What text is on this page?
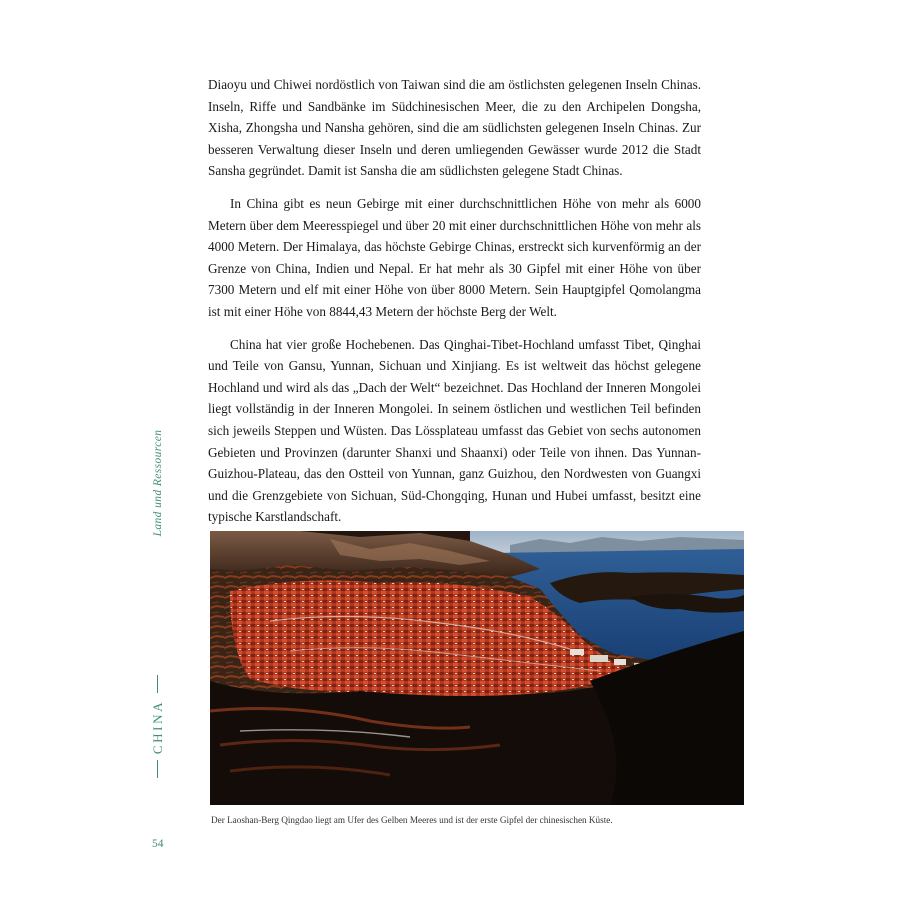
Diaoyu und Chiwei nordöstlich von Taiwan sind die am östlichsten gelegenen Inseln Chinas. Inseln, Riffe und Sandbänke im Südchinesischen Meer, die zu den Archipelen Dongsha, Xisha, Zhongsha und Nansha gehören, sind die am südlichsten gelegenen Inseln Chinas. Zur besseren Verwaltung dieser Inseln und deren umliegenden Gewässer wurde 2012 die Stadt Sansha gegründet. Damit ist Sansha die am südlichsten gelegene Stadt Chinas.

In China gibt es neun Gebirge mit einer durchschnittlichen Höhe von mehr als 6000 Metern über dem Meeresspiegel und über 20 mit einer durchschnittlichen Höhe von mehr als 4000 Metern. Der Himalaya, das höchste Gebirge Chinas, erstreckt sich kurvenförmig an der Grenze von China, Indien und Nepal. Er hat mehr als 30 Gipfel mit einer Höhe von über 7300 Metern und elf mit einer Höhe von über 8000 Metern. Sein Hauptgipfel Qomolangma ist mit einer Höhe von 8844,43 Metern der höchste Berg der Welt.

China hat vier große Hochebenen. Das Qinghai-Tibet-Hochland umfasst Tibet, Qinghai und Teile von Gansu, Yunnan, Sichuan und Xinjiang. Es ist weltweit das höchst gelegene Hochland und wird als das „Dach der Welt“ bezeichnet. Das Hochland der Inneren Mongolei liegt vollständig in der Inneren Mongolei. In seinem östlichen und westlichen Teil befinden sich jeweils Steppen und Wüsten. Das Lössplateau umfasst das Gebiet von sechs autonomen Gebieten und Provinzen (darunter Shanxi und Shaanxi) oder Teile von ihnen. Das Yunnan-Guizhou-Plateau, das den Ostteil von Yunnan, ganz Guizhou, den Nordwesten von Guangxi und die Grenzgebiete von Sichuan, Süd-Chongqing, Hunan und Hubei umfasst, besitzt eine typische Karstlandschaft.

Land und Ressourcen
CHINA
Der Laoshan-Berg Qingdao liegt am Ufer des Gelben Meeres und ist der erste Gipfel der chinesischen Küste.
54
